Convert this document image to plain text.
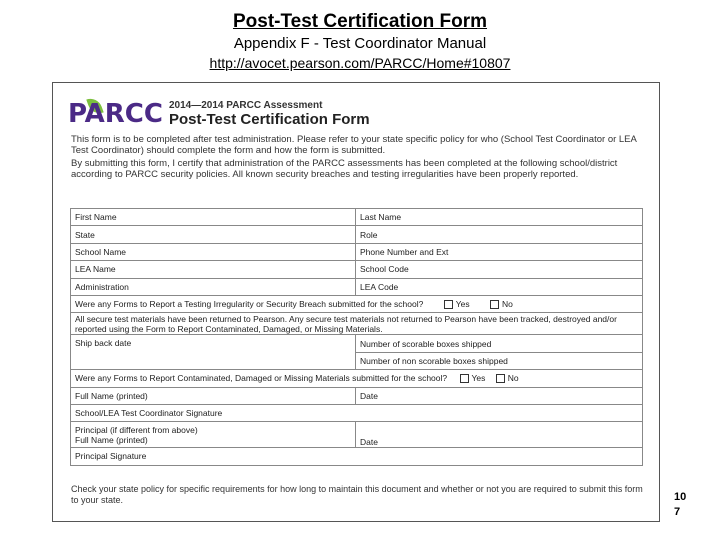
Post-Test Certification Form
Appendix F - Test Coordinator Manual
http://avocet.pearson.com/PARCC/Home#10807
PARCC 2014—2014 PARCC Assessment
Post-Test Certification Form

This form is to be completed after test administration. Please refer to your state specific policy for who (School Test Coordinator or LEA Test Coordinator) should complete the form and how the form is submitted.

By submitting this form, I certify that administration of the PARCC assessments has been completed at the following school/district according to PARCC security policies. All known security breaches and testing irregularities have been properly reported.

First Name	Last Name
State	Role
School Name	Phone Number and Ext
LEA Name	School Code
Administration	LEA Code
Were any Forms to Report a Testing Irregularity or Security Breach submitted for the school? Yes No	
All secure test materials have been returned to Pearson. Any secure test materials not returned to Pearson have been tracked, destroyed and/or reported using the Form to Report Contaminated, Damaged, or Missing Materials.	
Ship back date	Number of scorable boxes shipped
	Number of non scorable boxes shipped
Were any Forms to Report Contaminated, Damaged or Missing Materials submitted for the school? Yes No	
Full Name (printed)	Date
School/LEA Test Coordinator Signature	

Principal (if different from above)
Full Name (printed)	Date
Principal Signature	
Check your state policy for specific requirements for how long to maintain this document and whether or not you are required to submit this form to your state.	10
7
